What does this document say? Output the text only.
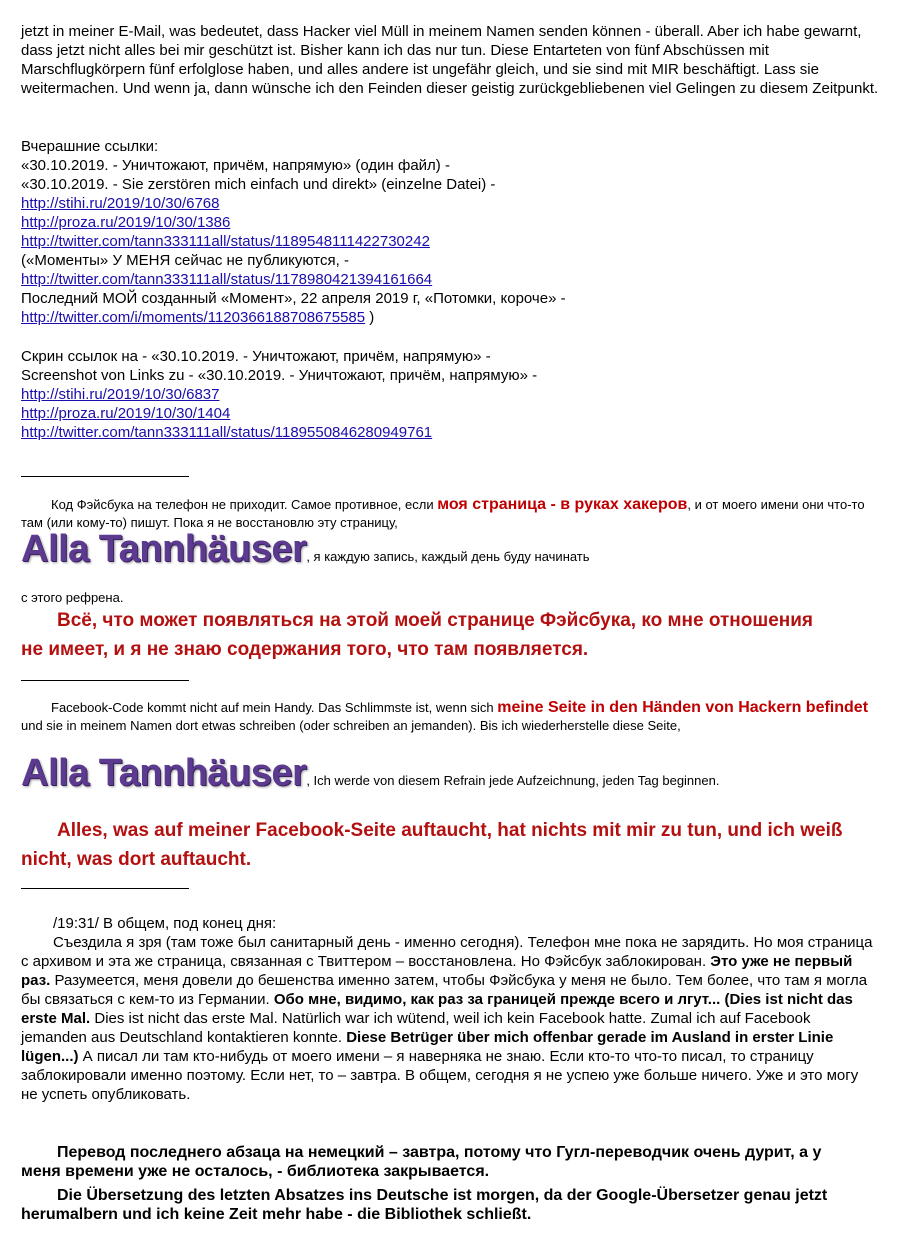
jetzt in meiner E-Mail, was bedeutet, dass Hacker viel Müll in meinem Namen senden können - überall. Aber ich habe gewarnt, dass jetzt nicht alles bei mir geschützt ist. Bisher kann ich das nur tun. Diese Entarteten von fünf Abschüssen mit Marschflugkörpern fünf erfolglose haben, und alles andere ist ungefähr gleich, und sie sind mit MIR beschäftigt. Lass sie weitermachen. Und wenn ja, dann wünsche ich den Feinden dieser geistig zurückgebliebenen viel Gelingen zu diesem Zeitpunkt.

Вчерашние ссылки:
«30.10.2019. - Уничтожают, причём, напрямую» (один файл) -
«30.10.2019. - Sie zerstören mich einfach und direkt» (einzelne Datei) -
http://stihi.ru/2019/10/30/6768
http://proza.ru/2019/10/30/1386
http://twitter.com/tann333111all/status/1189548111422730242
(«Моменты» У МЕНЯ сейчас не публикуются, -
http://twitter.com/tann333111all/status/1178980421394161664
Последний МОЙ созданный «Момент», 22 апреля 2019 г, «Потомки, короче» -
http://twitter.com/i/moments/1120366188708675585 )
Скрин ссылок на - «30.10.2019. - Уничтожают, причём, напрямую» -
Screenshot von Links zu - «30.10.2019. - Уничтожают, причём, напрямую» -
http://stihi.ru/2019/10/30/6837
http://proza.ru/2019/10/30/1404
http://twitter.com/tann333111all/status/1189550846280949761
Код Фэйсбука на телефон не приходит. Самое противное, если моя страница - в руках хакеров, и от моего имени они что-то там (или кому-то) пишут. Пока я не восстановлю эту страницу,
Alla Tannhäuser, я каждую запись, каждый день буду начинать
с этого рефрена.
Всё, что может появляться на этой моей странице Фэйсбука, ко мне отношения не имеет, и я не знаю содержания того, что там появляется.
Facebook-Code kommt nicht auf mein Handy. Das Schlimmste ist, wenn sich meine Seite in den Händen von Hackern befindet und sie in meinem Namen dort etwas schreiben (oder schreiben an jemanden). Bis ich wiederherstelle diese Seite,
Alla Tannhäuser, Ich werde von diesem Refrain jede Aufzeichnung, jeden Tag beginnen.
Alles, was auf meiner Facebook-Seite auftaucht, hat nichts mit mir zu tun, und ich weiß nicht, was dort auftaucht.
/19:31/ В общем, под конец дня:
Съездила я зря (там тоже был санитарный день - именно сегодня). Телефон мне пока не зарядить. Но моя страница с архивом и эта же страница, связанная с Твиттером – восстановлена. Но Фэйсбук заблокирован. Это уже не первый раз. Разумеется, меня довели до бешенства именно затем, чтобы Фэйсбука у меня не было. Тем более, что там я могла бы связаться с кем-то из Германии. Обо мне, видимо, как раз за границей прежде всего и лгут... (Dies ist nicht das erste Mal. Dies ist nicht das erste Mal. Natürlich war ich wütend, weil ich kein Facebook hatte. Zumal ich auf Facebook jemanden aus Deutschland kontaktieren konnte. Diese Betrüger über mich offenbar gerade im Ausland in erster Linie lügen...) А писал ли там кто-нибудь от моего имени – я наверняка не знаю. Если кто-то что-то писал, то страницу заблокировали именно поэтому. Если нет, то – завтра. В общем, сегодня я не успею уже больше ничего. Уже и это могу не успеть опубликовать.
Перевод последнего абзаца на немецкий – завтра, потому что Гугл-переводчик очень дурит, а у меня времени уже не осталось, - библиотека закрывается.
Die Übersetzung des letzten Absatzes ins Deutsche ist morgen, da der Google-Übersetzer genau jetzt herumalbern und ich keine Zeit mehr habe - die Bibliothek schließt.
